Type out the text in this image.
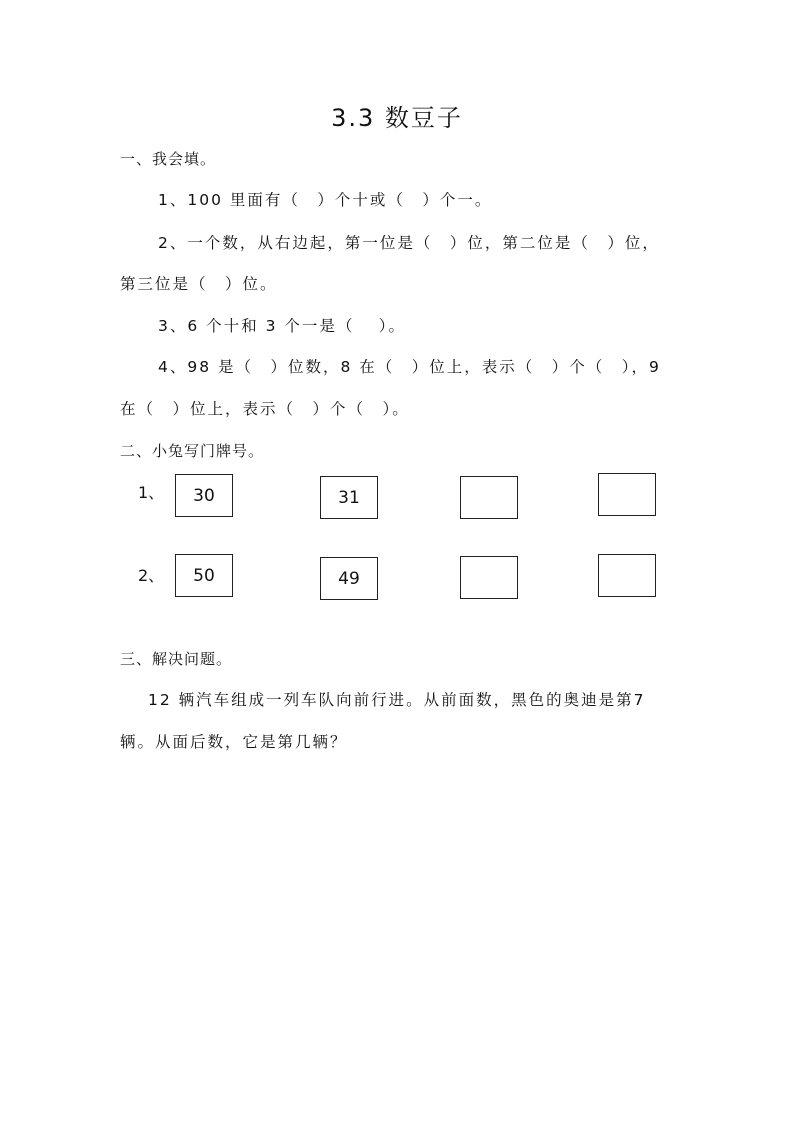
3.3 数豆子
一、我会填。
1、100 里面有（　）个十或（　）个一。
2、一个数，从右边起，第一位是（　）位，第二位是（　）位，
第三位是（　）位。
3、6 个十和 3 个一是（　 ）。
4、98 是（　）位数，8 在（　）位上，表示（　）个（　），9
在（　）位上，表示（　）个（　）。
二、小兔写门牌号。
1、	30	31
2、	50	49
三、解决问题。
12 辆汽车组成一列车队向前行进。从前面数，黑色的奥迪是第7
辆。从面后数，它是第几辆？
